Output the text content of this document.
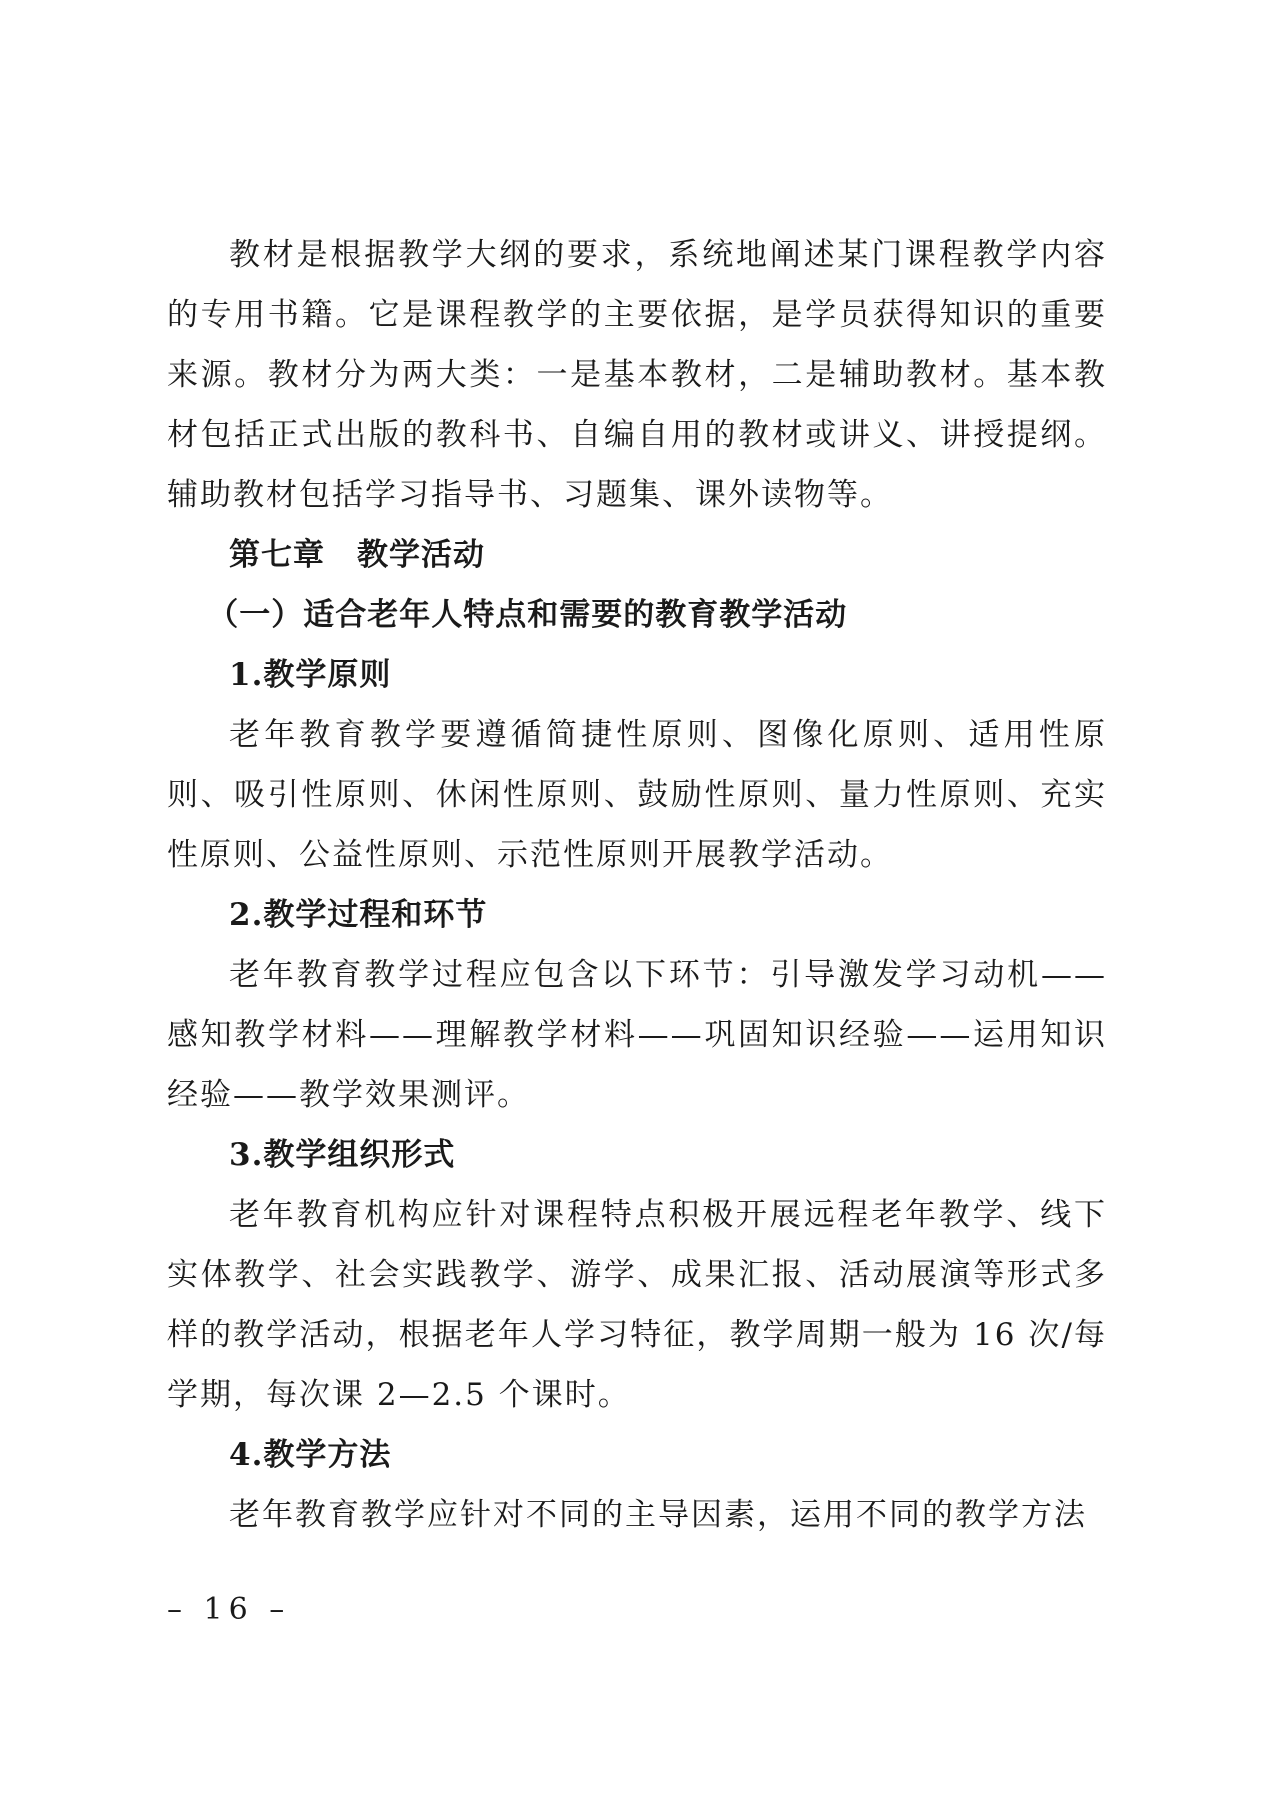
教材是根据教学大纲的要求，系统地阐述某门课程教学内容的专用书籍。它是课程教学的主要依据，是学员获得知识的重要来源。教材分为两大类：一是基本教材，二是辅助教材。基本教材包括正式出版的教科书、自编自用的教材或讲义、讲授提纲。辅助教材包括学习指导书、习题集、课外读物等。

第七章　教学活动

（一）适合老年人特点和需要的教育教学活动

1.教学原则

老年教育教学要遵循简捷性原则、图像化原则、适用性原则、吸引性原则、休闲性原则、鼓励性原则、量力性原则、充实性原则、公益性原则、示范性原则开展教学活动。

2.教学过程和环节

老年教育教学过程应包含以下环节：引导激发学习动机——感知教学材料——理解教学材料——巩固知识经验——运用知识经验——教学效果测评。

3.教学组织形式

老年教育机构应针对课程特点积极开展远程老年教学、线下实体教学、社会实践教学、游学、成果汇报、活动展演等形式多样的教学活动，根据老年人学习特征，教学周期一般为 16 次/每学期，每次课 2—2.5 个课时。

4.教学方法

老年教育教学应针对不同的主导因素，运用不同的教学方法

– 16 –
